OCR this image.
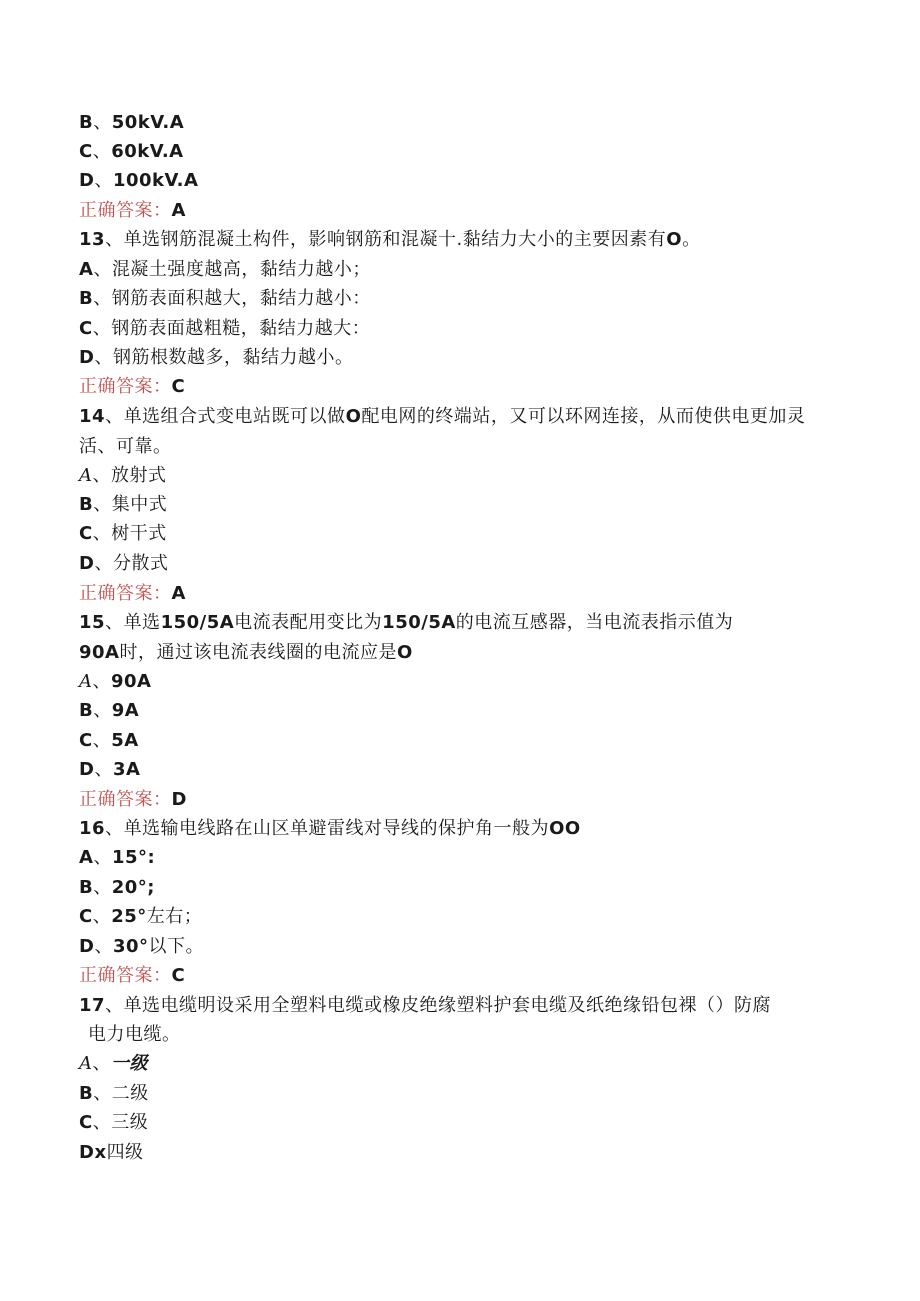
B、50kV.A
C、60kV.A
D、100kV.A
正确答案：A
13、单选钢筋混凝土构件，影响钢筋和混凝十.黏结力大小的主要因素有O。
A、混凝土强度越高，黏结力越小；
B、钢筋表面积越大，黏结力越小：
C、钢筋表面越粗糙，黏结力越大：
D、钢筋根数越多，黏结力越小。
正确答案：C
14、单选组合式变电站既可以做O配电网的终端站，又可以环网连接，从而使供电更加灵活、可靠。
A、放射式
B、集中式
C、树干式
D、分散式
正确答案：A
15、单选150/5A电流表配用变比为150/5A的电流互感器，当电流表指示值为
90A时，通过该电流表线圈的电流应是O
A、90A
B、9A
C、5A
D、3A
正确答案：D
16、单选输电线路在山区单避雷线对导线的保护角一般为OO
A、15°:
B、20°;
C、25°左右；
D、30°以下。
正确答案：C
17、单选电缆明设采用全塑料电缆或橡皮绝缘塑料护套电缆及纸绝缘铅包裸（）防腐
电力电缆。
A、一级
B、二级
C、三级
Dx四级
